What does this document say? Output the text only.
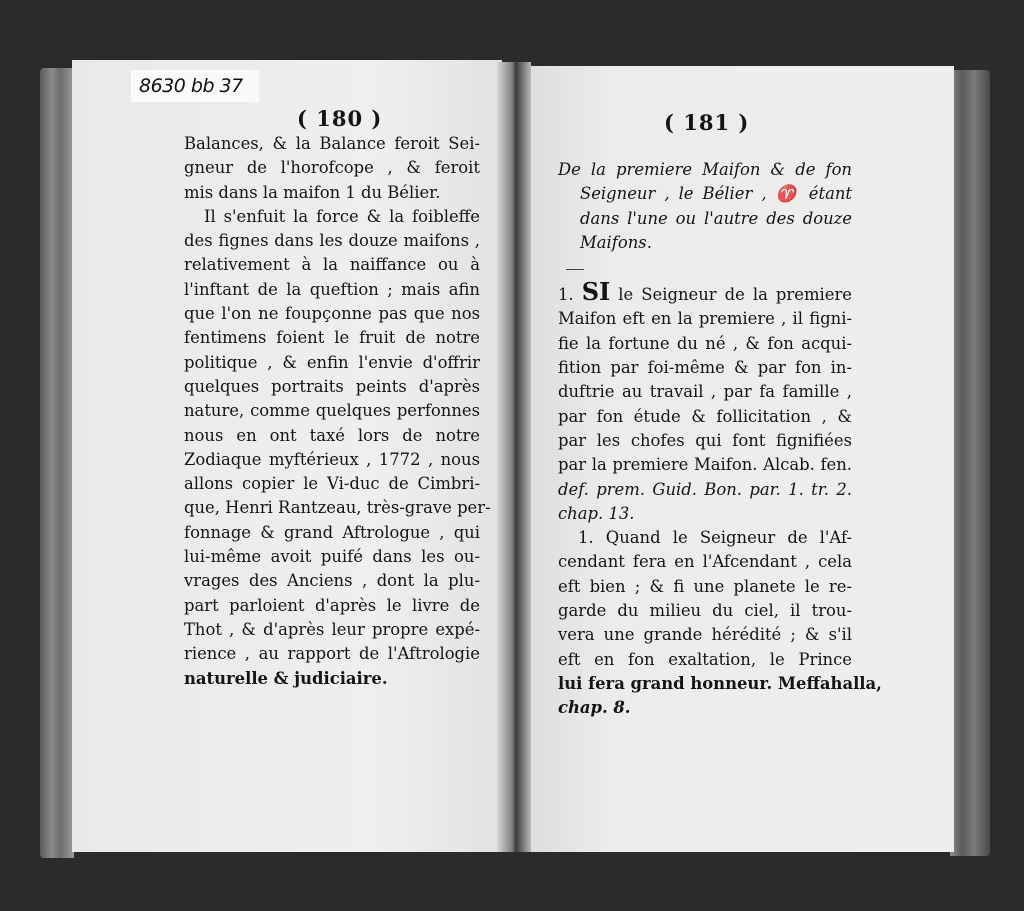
( 180 )
Balances, & la Balance feroit Sei-
gneur de l'horofcope , & feroit
mis dans la maifon 1 du Bélier.
Il s'enfuit la force & la foibleffe
des fignes dans les douze maifons ,
relativement à la naiffance ou à
l'inftant de la queftion ; mais afin
que l'on ne foupçonne pas que nos
fentimens foient le fruit de notre
politique , & enfin l'envie d'offrir
quelques portraits peints d'après
nature, comme quelques perfonnes
nous en ont taxé lors de notre
Zodiaque myftérieux , 1772 , nous
allons copier le Vi-duc de Cimbri-
que, Henri Rantzeau, très-grave per-
fonnage & grand Aftrologue , qui
lui-même avoit puifé dans les ou-
vrages des Anciens , dont la plu-
part parloient d'après le livre de
Thot , & d'après leur propre expé-
rience , au rapport de l'Aftrologie
naturelle & judiciaire.
8630 bb 37
( 181 )
De la premiere Maifon & de fon
Seigneur , le Bélier , ♈ étant
dans l'une ou l'autre des douze
Maifons.
1. SI le Seigneur de la premiere
Maifon eft en la premiere , il figni-
fie la fortune du né , & fon acqui-
fition par foi-même & par fon in-
duftrie au travail , par fa famille ,
par fon étude & follicitation , &
par les chofes qui font fignifiées
par la premiere Maifon. Alcab. fen.
def. prem. Guid. Bon. par. 1. tr. 2.
chap. 13.
1. Quand le Seigneur de l'Af-
cendant fera en l'Afcendant , cela
eft bien ; & fi une planete le re-
garde du milieu du ciel, il trou-
vera une grande hérédité ; & s'il
eft en fon exaltation, le Prince
lui fera grand honneur. Meffahalla,
chap. 8.
